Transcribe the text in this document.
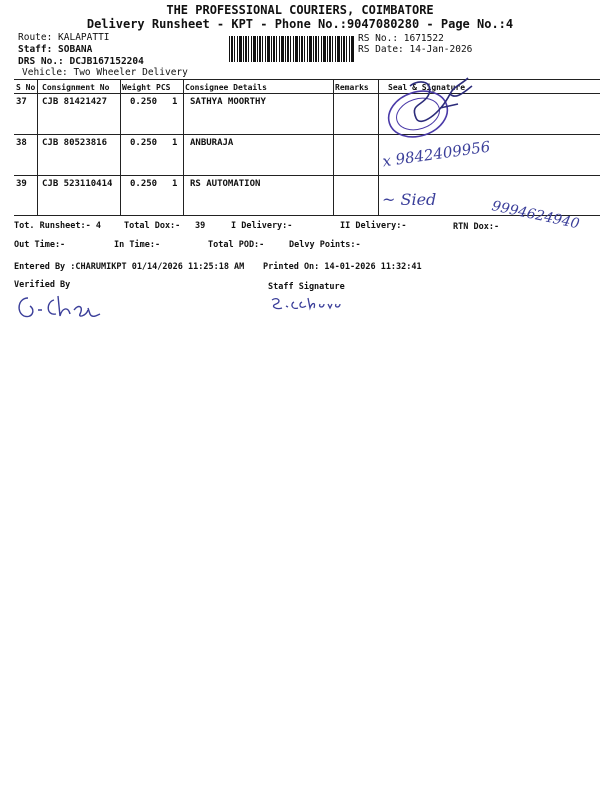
THE PROFESSIONAL COURIERS, COIMBATORE
Delivery Runsheet - KPT - Phone No.:9047080280 - Page No.:4
Route: KALAPATTI
Staff: SOBANA
DRS No.: DCJB167152204
Vehicle: Two Wheeler Delivery
RS No.: 1671522
RS Date: 14-Jan-2026
S No Consignment No Weight PCS Consignee Details	Remarks Seal & Signature
37 CJB 81421427	0.250 1 SATHYA MOORTHY
38 CJB 80523816	0.250 1 ANBURAJA
39 CJB 523110414 0.250 1 RS AUTOMATION
x 9842409956
~ Sied	9994624940
Tot. Runsheet:- 4	Total Dox:- 39	I Delivery:-	II Delivery:-	RTN Dox:-
Out Time:-	In Time:-	Total POD:-	Delvy Points:-
Entered By :CHARUMIKPT 01/14/2026 11:25:18 AM Printed On: 14-01-2026 11:32:41
Verified By	Staff Signature
